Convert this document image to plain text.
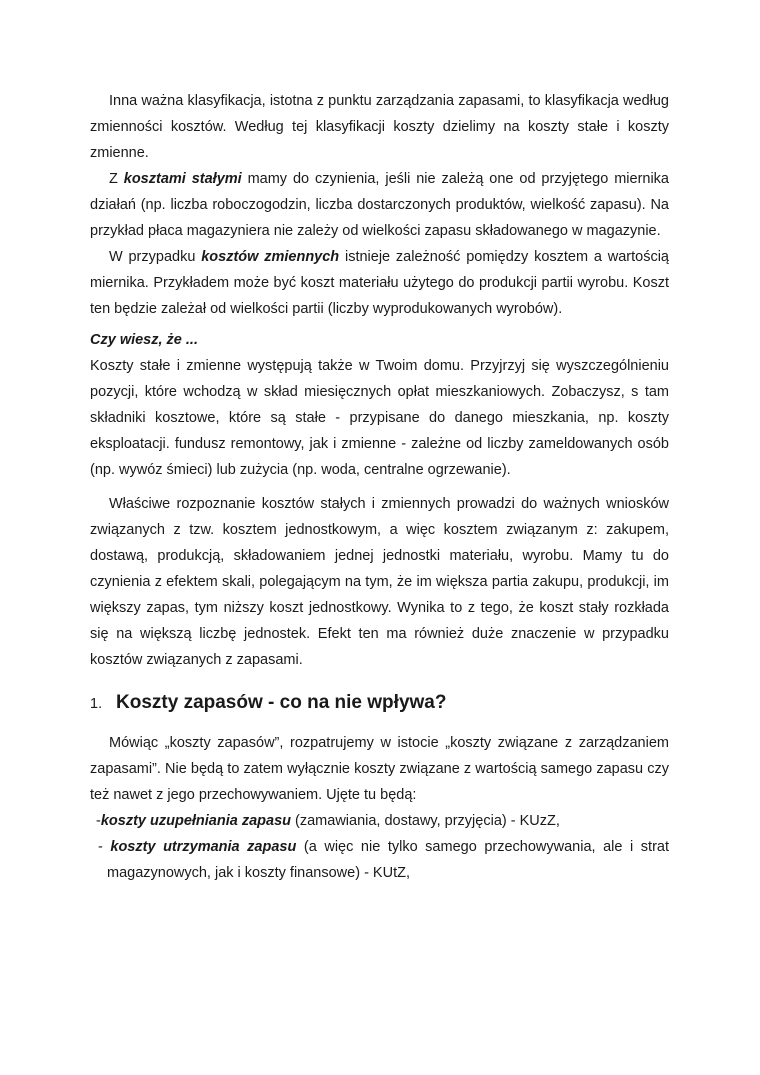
Inna ważna klasyfikacja, istotna z punktu zarządzania zapasami, to klasyfikacja według zmienności kosztów. Według tej klasyfikacji koszty dzielimy na koszty stałe i koszty zmienne.

Z kosztami stałymi mamy do czynienia, jeśli nie zależą one od przyjętego miernika działań (np. liczba roboczogodzin, liczba dostarczonych produktów, wielkość zapasu). Na przykład płaca magazyniera nie zależy od wielkości zapasu składowanego w magazynie.

W przypadku kosztów zmiennych istnieje zależność pomiędzy kosztem a wartością miernika. Przykładem może być koszt materiału użytego do produkcji partii wyrobu. Koszt ten będzie zależał od wielkości partii (liczby wyprodukowanych wyrobów).

Czy wiesz, że ...

Koszty stałe i zmienne występują także w Twoim domu. Przyjrzyj się wyszczególnieniu pozycji, które wchodzą w skład miesięcznych opłat mieszkaniowych. Zobaczysz, s tam składniki kosztowe, które są stałe - przypisane do danego mieszkania, np. koszty eksploatacji. fundusz remontowy, jak i zmienne - zależne od liczby zameldowanych osób (np. wywóz śmieci) lub zużycia (np. woda, centralne ogrzewanie).

Właściwe rozpoznanie kosztów stałych i zmiennych prowadzi do ważnych wniosków związanych z tzw. kosztem jednostkowym, a więc kosztem związanym z: zakupem, dostawą, produkcją, składowaniem jednej jednostki materiału, wyrobu. Mamy tu do czynienia z efektem skali, polegającym na tym, że im większa partia zakupu, produkcji, im większy zapas, tym niższy koszt jednostkowy. Wynika to z tego, że koszt stały rozkłada się na większą liczbę jednostek. Efekt ten ma również duże znaczenie w przypadku kosztów związanych z zapasami.

1. Koszty zapasów - co na nie wpływa?

Mówiąc „koszty zapasów”, rozpatrujemy w istocie „koszty związane z zarządzaniem zapasami”. Nie będą to zatem wyłącznie koszty związane z wartością samego zapasu czy też nawet z jego przechowywaniem. Ujęte tu będą:

-koszty uzupełniania zapasu (zamawiania, dostawy, przyjęcia) - KUzZ,

- koszty utrzymania zapasu (a więc nie tylko samego przechowywania, ale i strat magazynowych, jak i koszty finansowe) - KUtZ,
